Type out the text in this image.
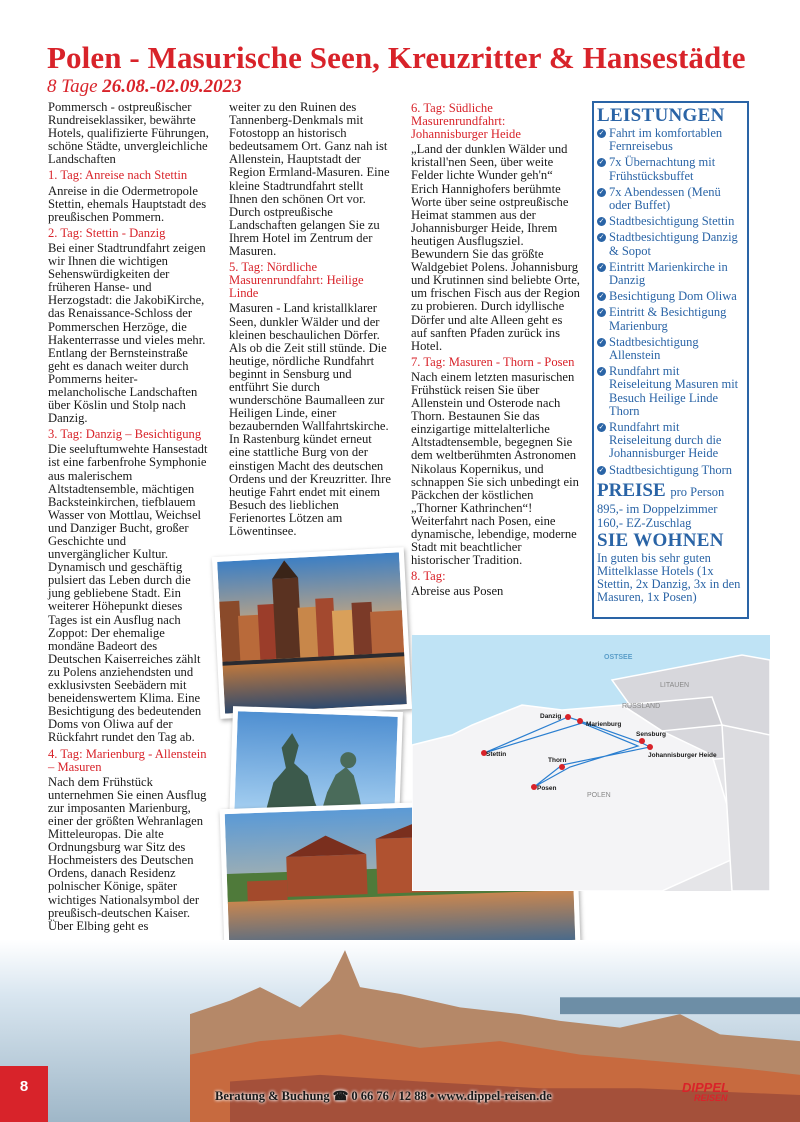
Polen - Masurische Seen, Kreuzritter & Hansestädte
8 Tage 26.08.-02.09.2023

Pommersch - ostpreußischer Rundreiseklassiker, bewährte Hotels, qualifizierte Führungen, schöne Städte, unvergleichliche Landschaften

1. Tag: Anreise nach Stettin

Anreise in die Odermetropole Stettin, ehemals Hauptstadt des preußischen Pommern.

2. Tag: Stettin - Danzig

Bei einer Stadtrundfahrt zeigen wir Ihnen die wichtigen Sehenswürdigkeiten der früheren Hanse- und Herzogstadt: die JakobiKirche, das Renaissance-Schloss der Pommerschen Herzöge, die Hakenterrasse und vieles mehr. Entlang der Bernsteinstraße geht es danach weiter durch Pommerns heiter-melancholische Landschaften über Köslin und Stolp nach Danzig.

3. Tag: Danzig – Besichtigung

Die seeluftumwehte Hansestadt ist eine farbenfrohe Symphonie aus malerischem Altstadtensemble, mächtigen Backsteinkirchen, tiefblauem Wasser von Mottlau, Weichsel und Danziger Bucht, großer Geschichte und unvergänglicher Kultur. Dynamisch und geschäftig pulsiert das Leben durch die jung gebliebene Stadt. Ein weiterer Höhepunkt dieses Tages ist ein Ausflug nach Zoppot: Der ehemalige mondäne Badeort des Deutschen Kaiserreiches zählt zu Polens anziehendsten und exklusivsten Seebädern mit beneidenswertem Klima. Eine Besichtigung des bedeutenden Doms von Oliwa auf der Rückfahrt rundet den Tag ab.

4. Tag: Marienburg - Allenstein – Masuren

Nach dem Frühstück unternehmen Sie einen Ausflug zur imposanten Marienburg, einer der größten Wehranlagen Mitteleuropas. Die alte Ordnungsburg war Sitz des Hochmeisters des Deutschen Ordens, danach Residenz polnischer Könige, später wichtiges Nationalsymbol der preußisch-deutschen Kaiser. Über Elbing geht es

weiter zu den Ruinen des Tannenberg-Denkmals mit Fotostopp an historisch bedeutsamem Ort. Ganz nah ist Allenstein, Hauptstadt der Region Ermland-Masuren. Eine kleine Stadtrundfahrt stellt Ihnen den schönen Ort vor. Durch ostpreußische Landschaften gelangen Sie zu Ihrem Hotel im Zentrum der Masuren.

5. Tag: Nördliche Masurenrundfahrt: Heilige Linde

Masuren - Land kristallklarer Seen, dunkler Wälder und der kleinen beschaulichen Dörfer. Als ob die Zeit still stünde. Die heutige, nördliche Rundfahrt beginnt in Sensburg und entführt Sie durch wunderschöne Baumalleen zur Heiligen Linde, einer bezaubernden Wallfahrtskirche. In Rastenburg kündet erneut eine stattliche Burg von der einstigen Macht des deutschen Ordens und der Kreuzritter. Ihre heutige Fahrt endet mit einem Besuch des lieblichen Ferienortes Lötzen am Löwentinsee.

6. Tag: Südliche Masurenrundfahrt: Johannisburger Heide

„Land der dunklen Wälder und kristall'nen Seen, über weite Felder lichte Wunder geh'n“ Erich Hannighofers berühmte Worte über seine ostpreußische Heimat stammen aus der Johannisburger Heide, Ihrem heutigen Ausflugsziel. Bewundern Sie das größte Waldgebiet Polens. Johannisburg und Krutinnen sind beliebte Orte, um frischen Fisch aus der Region zu probieren. Durch idyllische Dörfer und alte Alleen geht es auf sanften Pfaden zurück ins Hotel.

7. Tag: Masuren - Thorn - Posen

Nach einem letzten masurischen Frühstück reisen Sie über Allenstein und Osterode nach Thorn. Bestaunen Sie das einzigartige mittelalterliche Altstadtensemble, begegnen Sie dem weltberühmten Astronomen Nikolaus Kopernikus, und schnappen Sie sich unbedingt ein Päckchen der köstlichen „Thorner Kathrinchen“! Weiterfahrt nach Posen, eine dynamische, lebendige, moderne Stadt mit beachtlicher historischer Tradition.

8. Tag:

Abreise aus Posen

LEISTUNGEN
✓ Fahrt im komfortablen Fernreisebus
✓ 7x Übernachtung mit Frühstücksbuffet
✓ 7x Abendessen (Menü oder Buffet)
✓ Stadtbesichtigung Stettin
✓ Stadtbesichtigung Danzig & Sopot
✓ Eintritt Marienkirche in Danzig
✓ Besichtigung Dom Oliwa
✓ Eintritt & Besichtigung Marienburg
✓ Stadtbesichtigung Allenstein
✓ Rundfahrt mit Reiseleitung Masuren mit Besuch Heilige Linde Thorn
✓ Rundfahrt mit Reiseleitung durch die Johannisburger Heide
✓ Stadtbesichtigung Thorn
PREISE pro Person
895,- im Doppelzimmer
160,- EZ-Zuschlag
SIE WOHNEN
In guten bis sehr guten Mittelklasse Hotels (1x Stettin, 2x Danzig, 3x in den Masuren, 1x Posen)
OSTSEE
LITAUEN
RUSSLAND
POLEN
Danzig
Marienburg
Sensburg
Johannisburger Heide
Stettin
Thorn
Posen
8
Beratung & Buchung ☎ 0 66 76 / 12 88 • www.dippel-reisen.de
DIPPEL
REISEN
